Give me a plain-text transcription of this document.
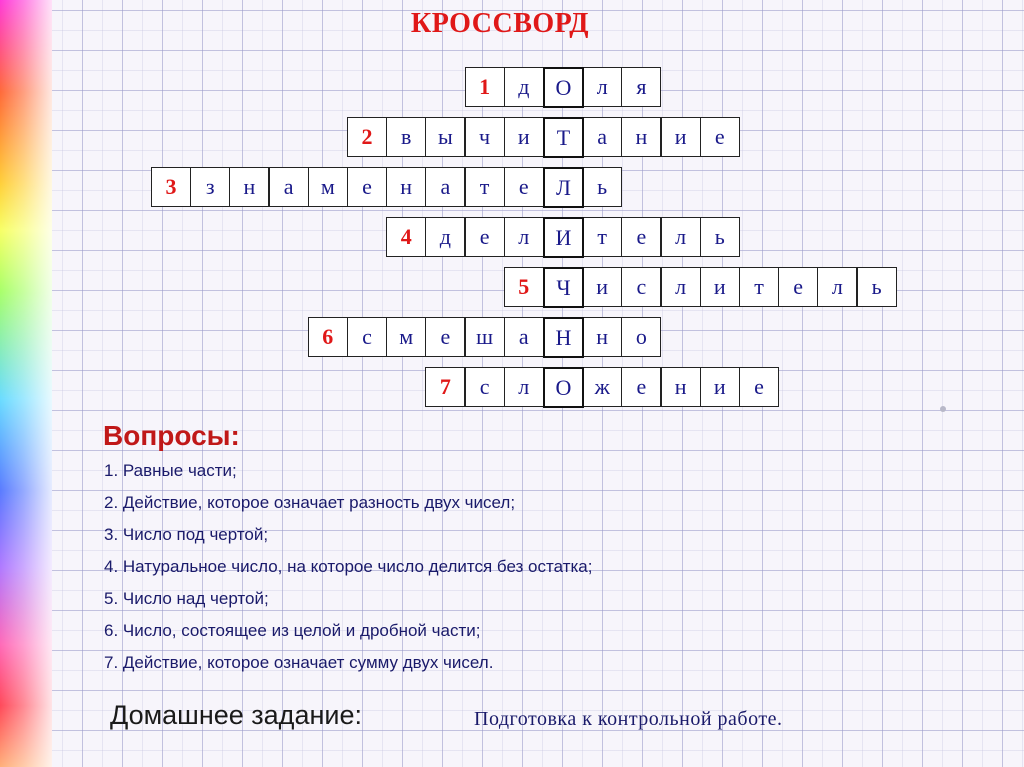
КРОССВОРД
1	д	О	л	я
2	в	ы	ч	и	Т	а	н	и	е
3	з	н	а	м	е	н	а	т	е	Л	ь
4	д	е	л	И	т	е	л	ь
5	Ч	и	с	л	и	т	е	л	ь
6	с	м	е	ш	а	Н	н	о
7	с	л	О	ж	е	н	и	е
Вопросы:
1. Равные части;
2. Действие, которое означает разность двух чисел;
3. Число под чертой;
4. Натуральное число, на которое число делится без остатка;
5. Число над чертой;
6. Число, состоящее из целой и дробной части;
7. Действие, которое означает сумму двух чисел.
Домашнее задание:	Подготовка к контрольной работе.
